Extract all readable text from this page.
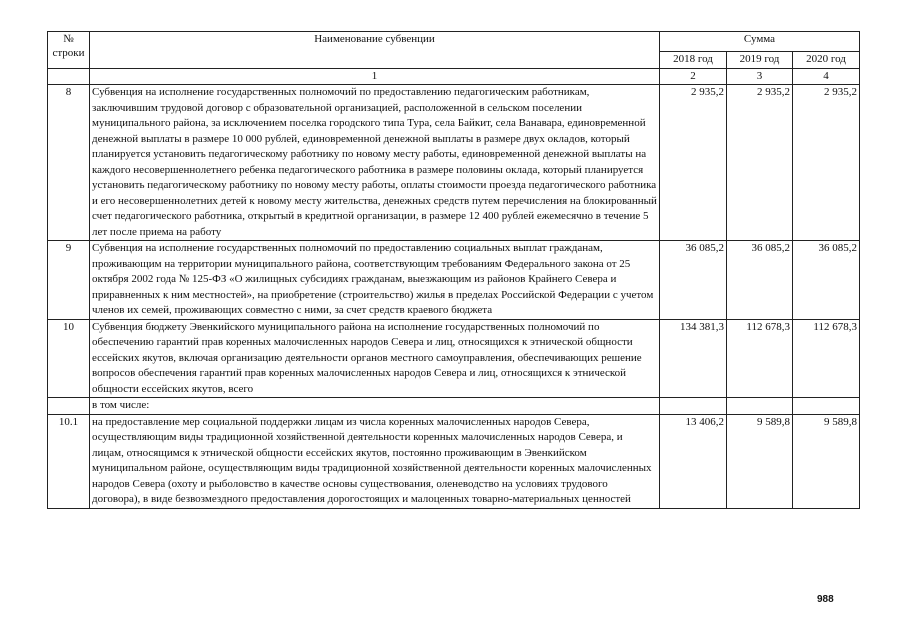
№
строки	Наименование субвенции	Сумма		
		2018 год	2019 год	2020 год
	1	2	3	4
8	Субвенция на исполнение государственных полномочий по предоставлению педагогическим работникам, заключившим трудовой договор с образовательной организацией, расположенной в сельском поселении муниципального района, за исключением поселка городского типа Тура, села Байкит, села Ванавара, единовременной денежной выплаты в размере 10 000 рублей, единовременной денежной выплаты в размере двух окладов, который планируется установить педагогическому работнику по новому месту работы, единовременной денежной выплаты на каждого несовершеннолетнего ребенка педагогического работника в размере половины оклада, который планируется установить педагогическому работнику по новому месту работы, оплаты стоимости проезда педагогического работника и его несовершеннолетних детей к новому месту жительства, денежных средств путем перечисления на блокированный счет педагогического работника, открытый в кредитной организации, в размере 12 400 рублей ежемесячно в течение 5 лет после приема на работу	2 935,2	2 935,2	2 935,2
9	Субвенция на исполнение государственных полномочий по предоставлению социальных выплат гражданам, проживающим на территории муниципального района, соответствующим требованиям Федерального закона от 25 октября 2002 года № 125-ФЗ «О жилищных субсидиях гражданам, выезжающим из районов Крайнего Севера и приравненных к ним местностей», на приобретение (строительство) жилья в пределах Российской Федерации с учетом членов их семей, проживающих совместно с ними, за счет средств краевого бюджета	36 085,2	36 085,2	36 085,2
10	Субвенция бюджету Эвенкийского муниципального района на исполнение государственных полномочий по обеспечению гарантий прав коренных малочисленных народов Севера и лиц, относящихся к этнической общности ессейских якутов, включая организацию деятельности органов местного самоуправления, обеспечивающих решение вопросов обеспечения гарантий прав коренных малочисленных народов Севера и лиц, относящихся к этнической общности ессейских якутов, всего	134 381,3	112 678,3	112 678,3
	в том числе:			
10.1	на предоставление мер социальной поддержки лицам из числа коренных малочисленных народов Севера, осуществляющим виды традиционной хозяйственной деятельности коренных малочисленных народов Севера, и лицам, относящимся к этнической общности ессейских якутов, постоянно проживающим в Эвенкийском муниципальном районе, осуществляющим виды традиционной хозяйственной деятельности коренных малочисленных народов Севера (охоту и рыболовство в качестве основы существования, оленеводство на условиях трудового договора), в виде безвозмездного предоставления дорогостоящих и малоценных товарно-материальных ценностей	13 406,2	9 589,8	9 589,8
988
